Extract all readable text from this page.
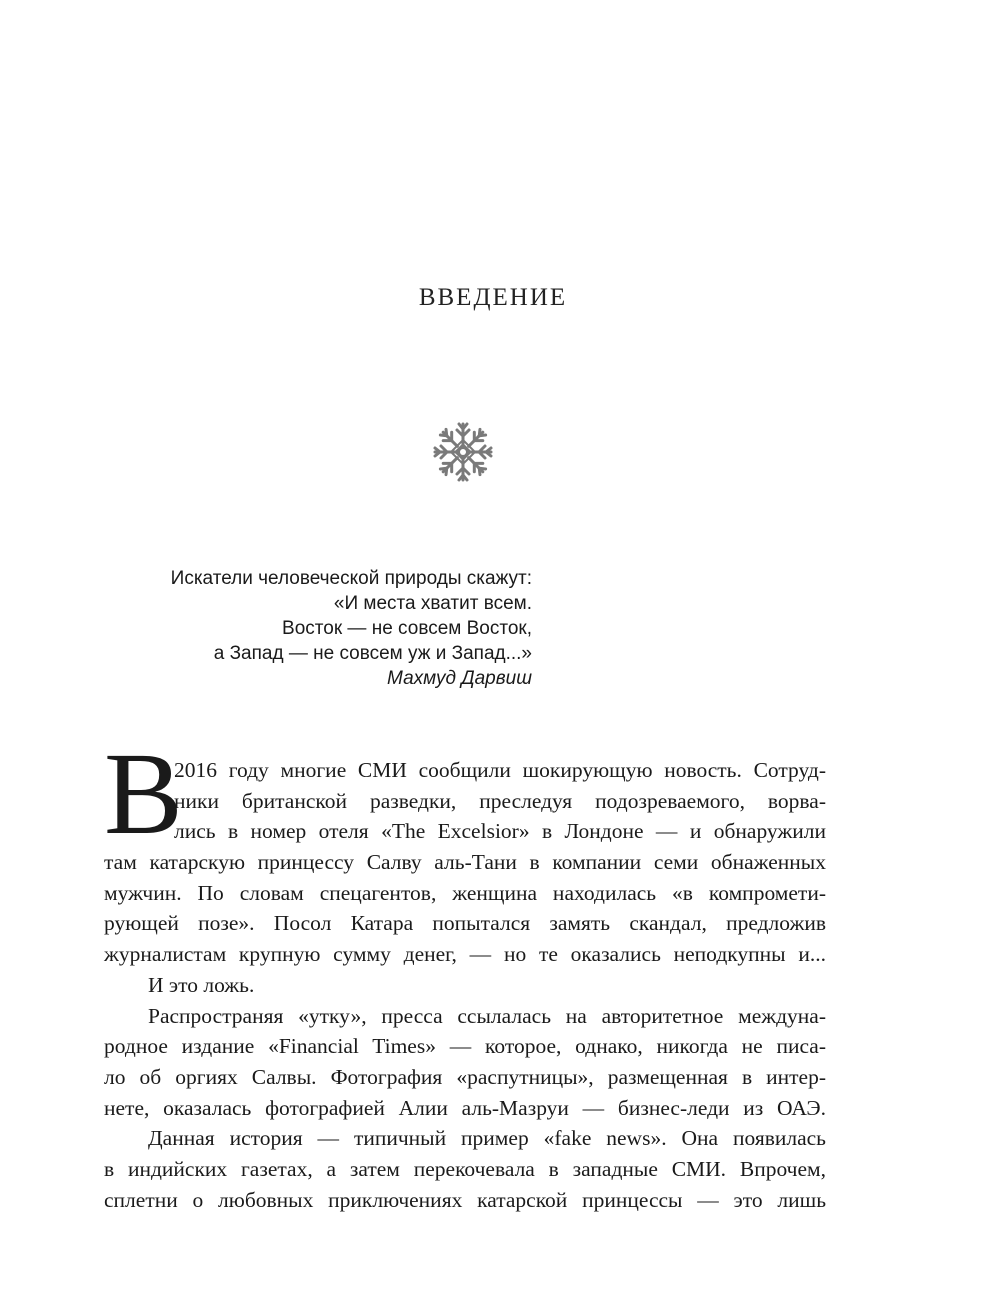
ВВЕДЕНИЕ
Искатели человеческой природы скажут:
«И места хватит всем.
Восток — не совсем Восток,
а Запад — не совсем уж и Запад...»
Махмуд Дарвиш
В
2016 году многие СМИ сообщили шокирующую новость. Сотруд-
ники британской разведки, преследуя подозреваемого, ворва-
лись в номер отеля «The Excelsior» в Лондоне — и обнаружили
там катарскую принцессу Салву аль-Тани в компании семи обнаженных
мужчин. По словам спецагентов, женщина находилась «в компромети-
рующей позе». Посол Катара попытался замять скандал, предложив
журналистам крупную сумму денег, — но те оказались неподкупны и...
И это ложь.
Распространяя «утку», пресса ссылалась на авторитетное междуна-
родное издание «Financial Times» — которое, однако, никогда не писа-
ло об оргиях Салвы. Фотография «распутницы», размещенная в интер-
нете, оказалась фотографией Алии аль-Мазруи — бизнес-леди из ОАЭ.
Данная история — типичный пример «fake news». Она появилась
в индийских газетах, а затем перекочевала в западные СМИ. Впрочем,
сплетни о любовных приключениях катарской принцессы — это лишь
